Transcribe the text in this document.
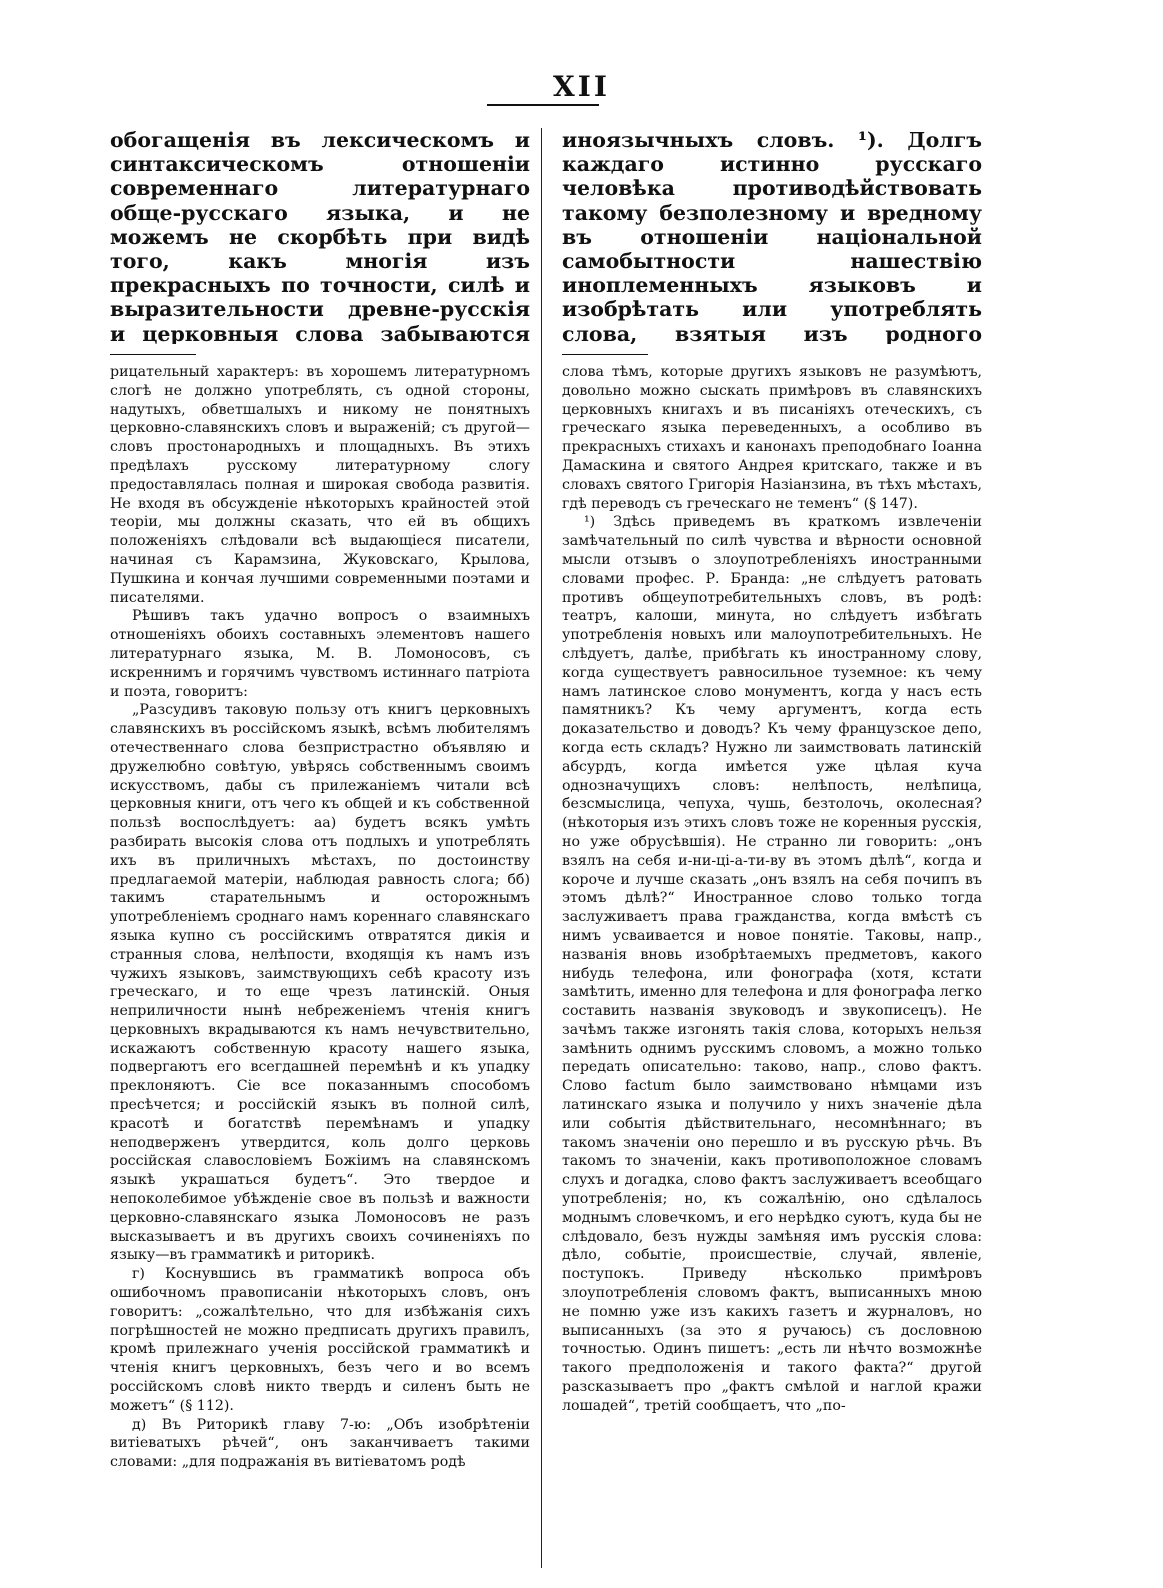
XII
обогащенія въ лексическомъ и синтаксическомъ отношеніи современнаго литературнаго обще-русскаго языка, и не можемъ не скорбѣть при видѣ того, какъ многія изъ прекрасныхъ по точности, силѣ и выразительности древне-русскія и церковныя слова забываются

рицательный характеръ: въ хорошемъ литературномъ слогѣ не должно употреблять, съ одной стороны, надутыхъ, обветшалыхъ и никому не понятныхъ церковно-славянскихъ словъ и выраженій; съ другой—словъ простонародныхъ и площадныхъ. Въ этихъ предѣлахъ русскому литературному слогу предоставлялась полная и широкая свобода развитія. Не входя въ обсужденіе нѣкоторыхъ крайностей этой теоріи, мы должны сказать, что ей въ общихъ положеніяхъ слѣдовали всѣ выдающіеся писатели, начиная съ Карамзина, Жуковскаго, Крылова, Пушкина и кончая лучшими современными поэтами и писателями.

Рѣшивъ такъ удачно вопросъ о взаимныхъ отношеніяхъ обоихъ составныхъ элементовъ нашего литературнаго языка, М. В. Ломоносовъ, съ искреннимъ и горячимъ чувствомъ истиннаго патріота и поэта, говоритъ:

„Разсудивъ таковую пользу отъ книгъ церковныхъ славянскихъ въ россійскомъ языкѣ, всѣмъ любителямъ отечественнаго слова безпристрастно объявляю и дружелюбно совѣтую, увѣрясь собственнымъ своимъ искусствомъ, дабы съ прилежаніемъ читали всѣ церковныя книги, отъ чего къ общей и къ собственной пользѣ воспослѣдуетъ: аа) будетъ всякъ умѣть разбирать высокія слова отъ подлыхъ и употреблять ихъ въ приличныхъ мѣстахъ, по достоинству предлагаемой матеріи, наблюдая равность слога; бб) такимъ старательнымъ и осторожнымъ употребленіемъ сроднаго намъ кореннаго славянскаго языка купно съ россійскимъ отвратятся дикія и странныя слова, нелѣпости, входящія къ намъ изъ чужихъ языковъ, заимствующихъ себѣ красоту изъ греческаго, и то еще чрезъ латинскій. Оныя неприличности нынѣ небреженіемъ чтенія книгъ церковныхъ вкрадываются къ намъ нечувствительно, искажаютъ собственную красоту нашего языка, подвергаютъ его всегдашней перемѣнѣ и къ упадку преклоняютъ. Сіе все показаннымъ способомъ пресѣчется; и россійскій языкъ въ полной силѣ, красотѣ и богатствѣ перемѣнамъ и упадку неподверженъ утвердится, коль долго церковь россійская славословіемъ Божіимъ на славянскомъ языкѣ украшаться будетъ“. Это твердое и непоколебимое убѣжденіе свое въ пользѣ и важности церковно-славянскаго языка Ломоносовъ не разъ высказываетъ и въ другихъ своихъ сочиненіяхъ по языку—въ грамматикѣ и риторикѣ.

г) Коснувшись въ грамматикѣ вопроса объ ошибочномъ правописаніи нѣкоторыхъ словъ, онъ говоритъ: „сожалѣтельно, что для избѣжанія сихъ погрѣшностей не можно предписать другихъ правилъ, кромѣ прилежнаго ученія россійской грамматикѣ и чтенія книгъ церковныхъ, безъ чего и во всемъ россійскомъ словѣ никто твердъ и силенъ быть не можетъ“ (§ 112).

д) Въ Риторикѣ главу 7-ю: „Объ изобрѣтеніи витіеватыхъ рѣчей“, онъ заканчиваетъ такими словами: „для подражанія въ витіеватомъ родѣ

иноязычныхъ словъ. ¹). Долгъ каждаго истинно русскаго человѣка противодѣйствовать такому безполезному и вредному въ отношеніи національной самобытности нашествію иноплеменныхъ языковъ и изобрѣтать или употреблять слова, взятыя изъ родного

слова тѣмъ, которые другихъ языковъ не разумѣютъ, довольно можно сыскать примѣровъ въ славянскихъ церковныхъ книгахъ и въ писаніяхъ отеческихъ, съ греческаго языка переведенныхъ, а особливо въ прекрасныхъ стихахъ и канонахъ преподобнаго Іоанна Дамаскина и святого Андрея критскаго, также и въ словахъ святого Григорія Назіанзина, въ тѣхъ мѣстахъ, гдѣ переводъ съ греческаго не теменъ“ (§ 147).

¹) Здѣсь приведемъ въ краткомъ извлеченіи замѣчательный по силѣ чувства и вѣрности основной мысли отзывъ о злоупотребленіяхъ иностранными словами профес. Р. Бранда: „не слѣдуетъ ратовать противъ общеупотребительныхъ словъ, въ родѣ: театръ, калоши, минута, но слѣдуетъ избѣгать употребленія новыхъ или малоупотребительныхъ. Не слѣдуетъ, далѣе, прибѣгать къ иностранному слову, когда существуетъ равносильное туземное: къ чему намъ латинское слово монументъ, когда у насъ есть памятникъ? Къ чему аргументъ, когда есть доказательство и доводъ? Къ чему французское депо, когда есть складъ? Нужно ли заимствовать латинскій абсурдъ, когда имѣется уже цѣлая куча однозначущихъ словъ: нелѣпость, нелѣпица, безсмыслица, чепуха, чушь, безтолочь, околесная? (нѣкоторыя изъ этихъ словъ тоже не коренныя русскія, но уже обрусѣвшія). Не странно ли говорить: „онъ взялъ на себя и-ни-ці-а-ти-ву въ этомъ дѣлѣ“, когда и короче и лучше сказать „онъ взялъ на себя почипъ въ этомъ дѣлѣ?“ Иностранное слово только тогда заслуживаетъ права гражданства, когда вмѣстѣ съ нимъ усваивается и новое понятіе. Таковы, напр., названія вновь изобрѣтаемыхъ предметовъ, какого нибудь телефона, или фонографа (хотя, кстати замѣтить, именно для телефона и для фонографа легко составить названія звуководъ и звукописецъ). Не зачѣмъ также изгонять такія слова, которыхъ нельзя замѣнить однимъ русскимъ словомъ, а можно только передать описательно: таково, напр., слово фактъ. Слово factum было заимствовано нѣмцами изъ латинскаго языка и получило у нихъ значеніе дѣла или событія дѣйствительнаго, несомнѣннаго; въ такомъ значеніи оно перешло и въ русскую рѣчь. Въ такомъ то значеніи, какъ противоположное словамъ слухъ и догадка, слово фактъ заслуживаетъ всеобщаго употребленія; но, къ сожалѣнію, оно сдѣлалось моднымъ словечкомъ, и его нерѣдко суютъ, куда бы не слѣдовало, безъ нужды замѣняя имъ русскія слова: дѣло, событіе, происшествіе, случай, явленіе, поступокъ. Приведу нѣсколько примѣровъ злоупотребленія словомъ фактъ, выписанныхъ мною не помню уже изъ какихъ газетъ и журналовъ, но выписанныхъ (за это я ручаюсь) съ дословною точностью. Одинъ пишетъ: „есть ли нѣчто возможнѣе такого предположенія и такого факта?“ другой разсказываетъ про „фактъ смѣлой и наглой кражи лошадей“, третій сообщаетъ, что „по-
